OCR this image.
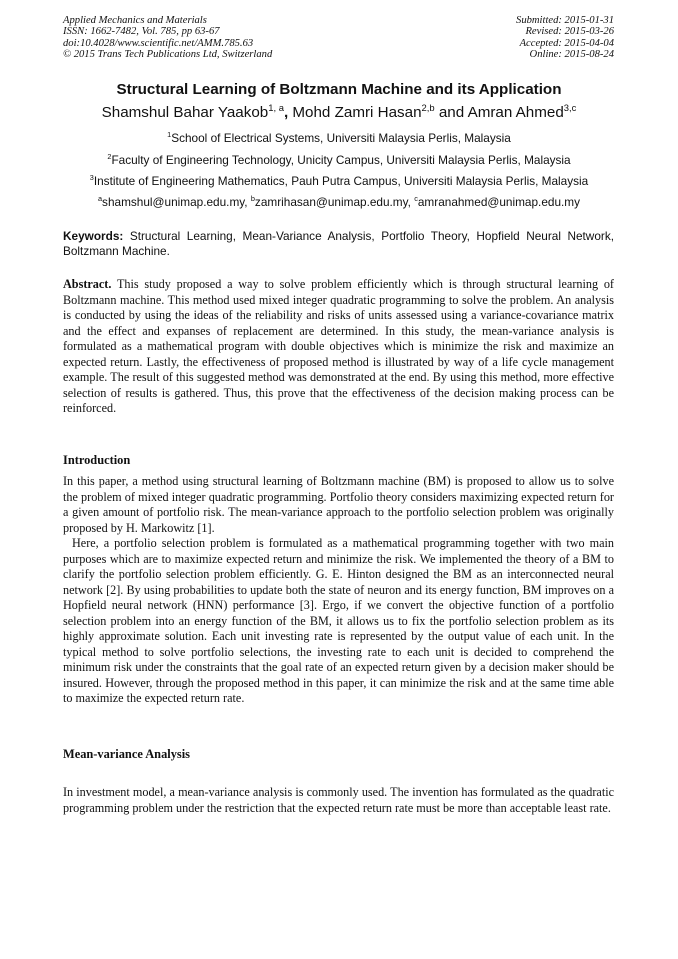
Applied Mechanics and Materials
ISSN: 1662-7482, Vol. 785, pp 63-67
doi:10.4028/www.scientific.net/AMM.785.63
© 2015 Trans Tech Publications Ltd, Switzerland
Submitted: 2015-01-31
Revised: 2015-03-26
Accepted: 2015-04-04
Online: 2015-08-24
Structural Learning of Boltzmann Machine and its Application
Shamshul Bahar Yaakob$^{1, a}$, Mohd Zamri Hasan$^{2,b}$ and Amran Ahmed$^{3,c}$
$^1$School of Electrical Systems, Universiti Malaysia Perlis, Malaysia
$^2$Faculty of Engineering Technology, Unicity Campus, Universiti Malaysia Perlis, Malaysia
$^3$Institute of Engineering Mathematics, Pauh Putra Campus, Universiti Malaysia Perlis, Malaysia
$^a$shamshul@unimap.edu.my, $^b$zamrihasan@unimap.edu.my, $^c$amranahmed@unimap.edu.my
Keywords: Structural Learning, Mean-Variance Analysis, Portfolio Theory, Hopfield Neural Network, Boltzmann Machine.
Abstract. This study proposed a way to solve problem efficiently which is through structural learning of Boltzmann machine. This method used mixed integer quadratic programming to solve the problem. An analysis is conducted by using the ideas of the reliability and risks of units assessed using a variance-covariance matrix and the effect and expanses of replacement are determined. In this study, the mean-variance analysis is formulated as a mathematical program with double objectives which is minimize the risk and maximize an expected return. Lastly, the effectiveness of proposed method is illustrated by way of a life cycle management example. The result of this suggested method was demonstrated at the end. By using this method, more effective selection of results is gathered. Thus, this prove that the effectiveness of the decision making process can be reinforced.
Introduction
In this paper, a method using structural learning of Boltzmann machine (BM) is proposed to allow us to solve the problem of mixed integer quadratic programming. Portfolio theory considers maximizing expected return for a given amount of portfolio risk. The mean-variance approach to the portfolio selection problem was originally proposed by H. Markowitz [1].
Here, a portfolio selection problem is formulated as a mathematical programming together with two main purposes which are to maximize expected return and minimize the risk. We implemented the theory of a BM to clarify the portfolio selection problem efficiently. G. E. Hinton designed the BM as an interconnected neural network [2]. By using probabilities to update both the state of neuron and its energy function, BM improves on a Hopfield neural network (HNN) performance [3]. Ergo, if we convert the objective function of a portfolio selection problem into an energy function of the BM, it allows us to fix the portfolio selection problem as its highly approximate solution. Each unit investing rate is represented by the output value of each unit. In the typical method to solve portfolio selections, the investing rate to each unit is decided to comprehend the minimum risk under the constraints that the goal rate of an expected return given by a decision maker should be insured. However, through the proposed method in this paper, it can minimize the risk and at the same time able to maximize the expected return rate.
Mean-variance Analysis
In investment model, a mean-variance analysis is commonly used. The invention has formulated as the quadratic programming problem under the restriction that the expected return rate must be more than acceptable least rate.
